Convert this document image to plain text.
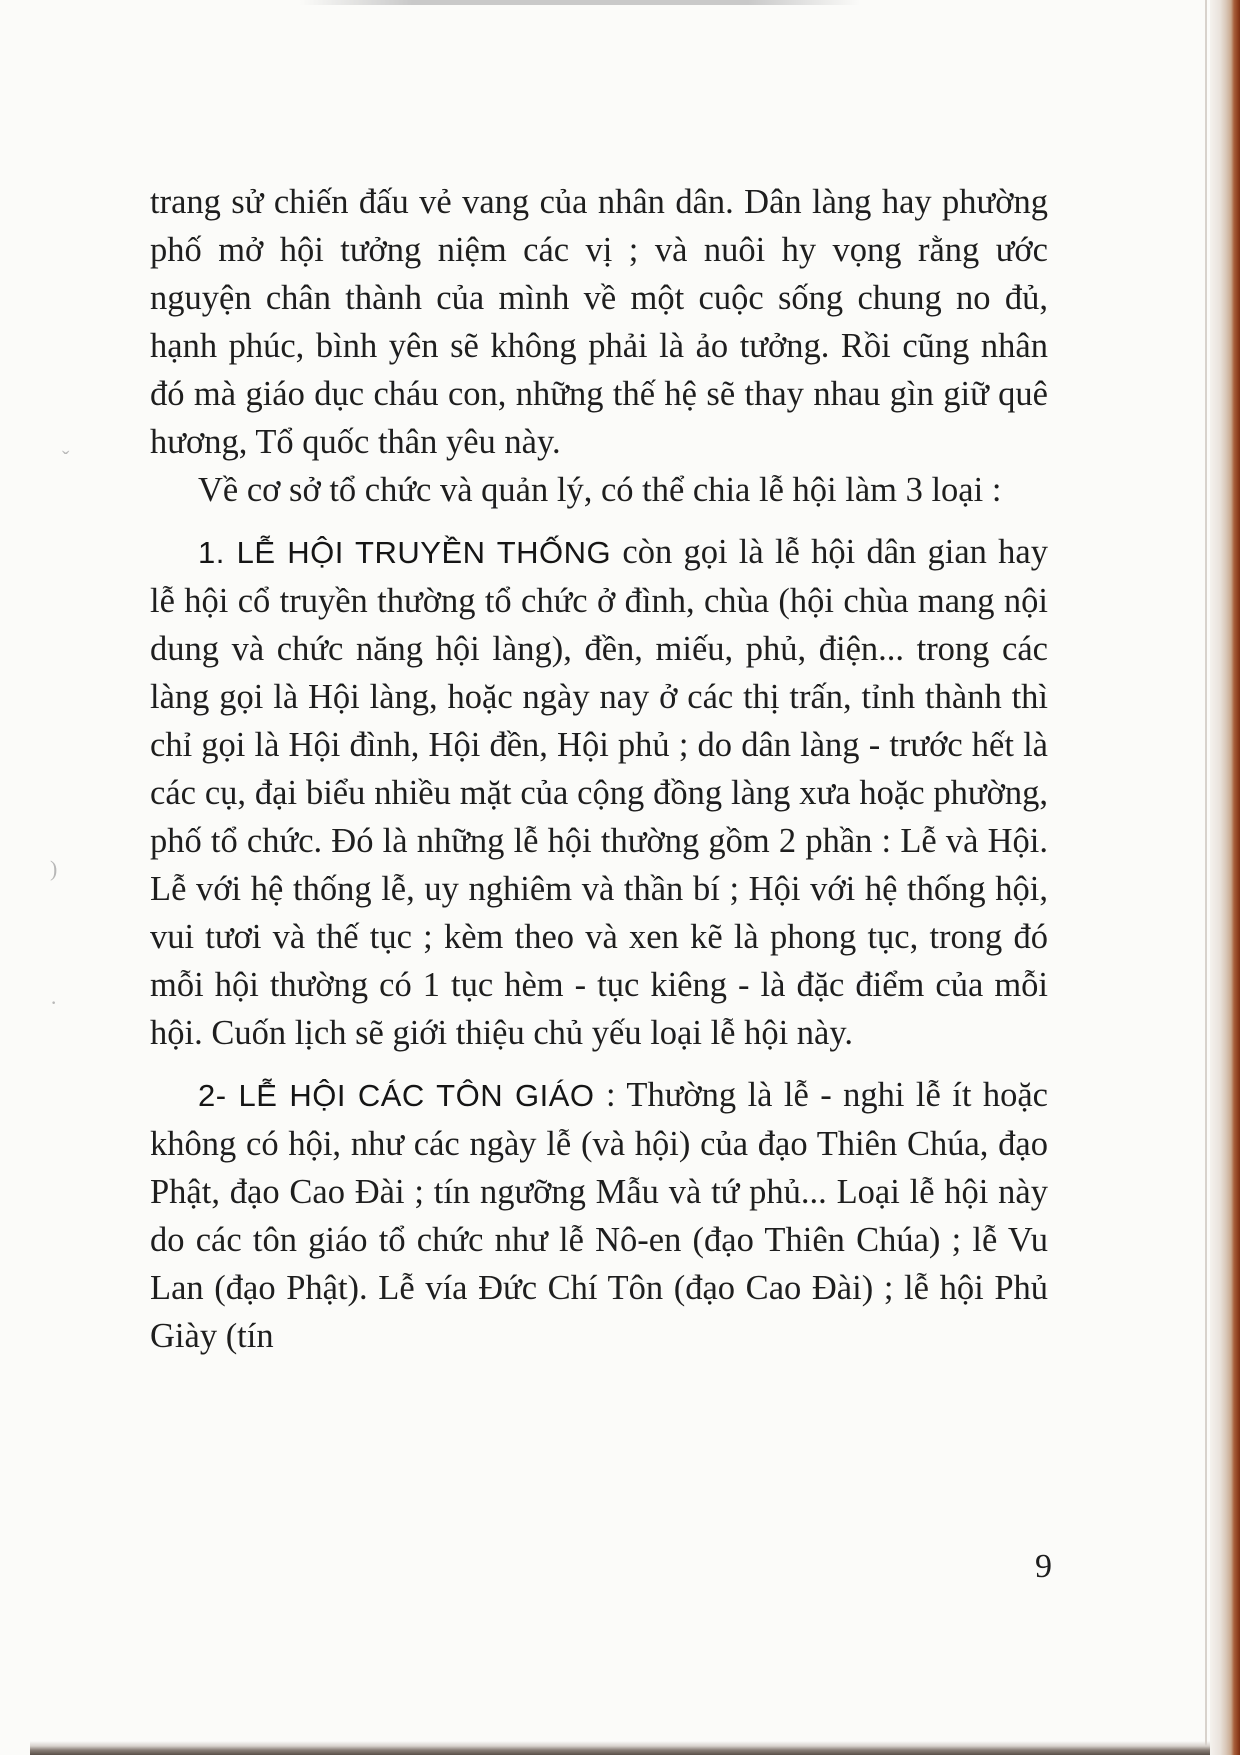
ˇ
)
·

trang sử chiến đấu vẻ vang của nhân dân. Dân làng hay phường phố mở hội tưởng niệm các vị ; và nuôi hy vọng rằng ước nguyện chân thành của mình về một cuộc sống chung no đủ, hạnh phúc, bình yên sẽ không phải là ảo tưởng. Rồi cũng nhân đó mà giáo dục cháu con, những thế hệ sẽ thay nhau gìn giữ quê hương, Tổ quốc thân yêu này.

Về cơ sở tổ chức và quản lý, có thể chia lễ hội làm 3 loại :

1. LỄ HỘI TRUYỀN THỐNG còn gọi là lễ hội dân gian hay lễ hội cổ truyền thường tổ chức ở đình, chùa (hội chùa mang nội dung và chức năng hội làng), đền, miếu, phủ, điện... trong các làng gọi là Hội làng, hoặc ngày nay ở các thị trấn, tỉnh thành thì chỉ gọi là Hội đình, Hội đền, Hội phủ ; do dân làng - trước hết là các cụ, đại biểu nhiều mặt của cộng đồng làng xưa hoặc phường, phố tổ chức. Đó là những lễ hội thường gồm 2 phần : Lễ và Hội. Lễ với hệ thống lễ, uy nghiêm và thần bí ; Hội với hệ thống hội, vui tươi và thế tục ; kèm theo và xen kẽ là phong tục, trong đó mỗi hội thường có 1 tục hèm - tục kiêng - là đặc điểm của mỗi hội. Cuốn lịch sẽ giới thiệu chủ yếu loại lễ hội này.

2- LỄ HỘI CÁC TÔN GIÁO : Thường là lễ - nghi lễ ít hoặc không có hội, như các ngày lễ (và hội) của đạo Thiên Chúa, đạo Phật, đạo Cao Đài ; tín ngưỡng Mẫu và tứ phủ... Loại lễ hội này do các tôn giáo tổ chức như lễ Nô-en (đạo Thiên Chúa) ; lễ Vu Lan (đạo Phật). Lễ vía Đức Chí Tôn (đạo Cao Đài) ; lễ hội Phủ Giày (tín

9
